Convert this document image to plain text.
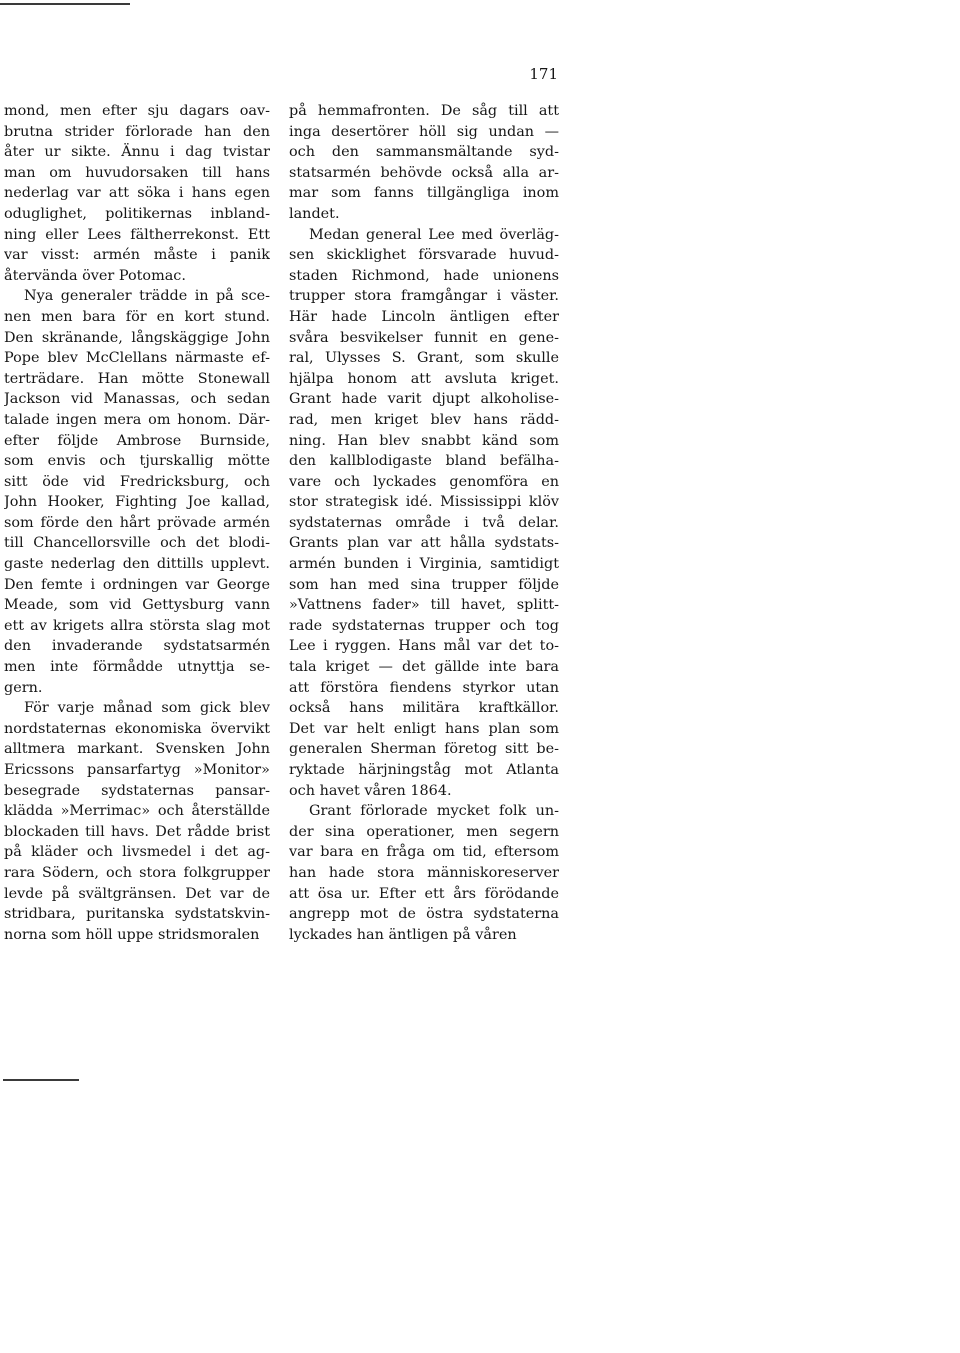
171
mond, men efter sju dagars oav-
brutna strider förlorade han den
åter ur sikte. Ännu i dag tvistar
man om huvudorsaken till hans
nederlag var att söka i hans egen
oduglighet, politikernas inbland-
ning eller Lees fältherrekonst. Ett
var visst: armén måste i panik
återvända över Potomac.
Nya generaler trädde in på sce-
nen men bara för en kort stund.
Den skränande, långskäggige John
Pope blev McClellans närmaste ef-
terträdare. Han mötte Stonewall
Jackson vid Manassas, och sedan
talade ingen mera om honom. Där-
efter följde Ambrose Burnside,
som envis och tjurskallig mötte
sitt öde vid Fredricksburg, och
John Hooker, Fighting Joe kallad,
som förde den hårt prövade armén
till Chancellorsville och det blodi-
gaste nederlag den dittills upplevt.
Den femte i ordningen var George
Meade, som vid Gettysburg vann
ett av krigets allra största slag mot
den invaderande sydstatsarmén
men inte förmådde utnyttja se-
gern.
För varje månad som gick blev
nordstaternas ekonomiska övervikt
alltmera markant. Svensken John
Ericssons pansarfartyg »Monitor»
besegrade sydstaternas pansar-
klädda »Merrimac» och återställde
blockaden till havs. Det rådde brist
på kläder och livsmedel i det ag-
rara Södern, och stora folkgrupper
levde på svältgränsen. Det var de
stridbara, puritanska sydstatskvin-
norna som höll uppe stridsmoralen
på hemmafronten. De såg till att
inga desertörer höll sig undan —
och den sammansmältande syd-
statsarmén behövde också alla ar-
mar som fanns tillgängliga inom
landet.
Medan general Lee med överläg-
sen skicklighet försvarade huvud-
staden Richmond, hade unionens
trupper stora framgångar i väster.
Här hade Lincoln äntligen efter
svåra besvikelser funnit en gene-
ral, Ulysses S. Grant, som skulle
hjälpa honom att avsluta kriget.
Grant hade varit djupt alkoholise-
rad, men kriget blev hans rädd-
ning. Han blev snabbt känd som
den kallblodigaste bland befälha-
vare och lyckades genomföra en
stor strategisk idé. Mississippi klöv
sydstaternas område i två delar.
Grants plan var att hålla sydstats-
armén bunden i Virginia, samtidigt
som han med sina trupper följde
»Vattnens fader» till havet, splitt-
rade sydstaternas trupper och tog
Lee i ryggen. Hans mål var det to-
tala kriget — det gällde inte bara
att förstöra fiendens styrkor utan
också hans militära kraftkällor.
Det var helt enligt hans plan som
generalen Sherman företog sitt be-
ryktade härjningståg mot Atlanta
och havet våren 1864.
Grant förlorade mycket folk un-
der sina operationer, men segern
var bara en fråga om tid, eftersom
han hade stora människoreserver
att ösa ur. Efter ett års förödande
angrepp mot de östra sydstaterna
lyckades han äntligen på våren
